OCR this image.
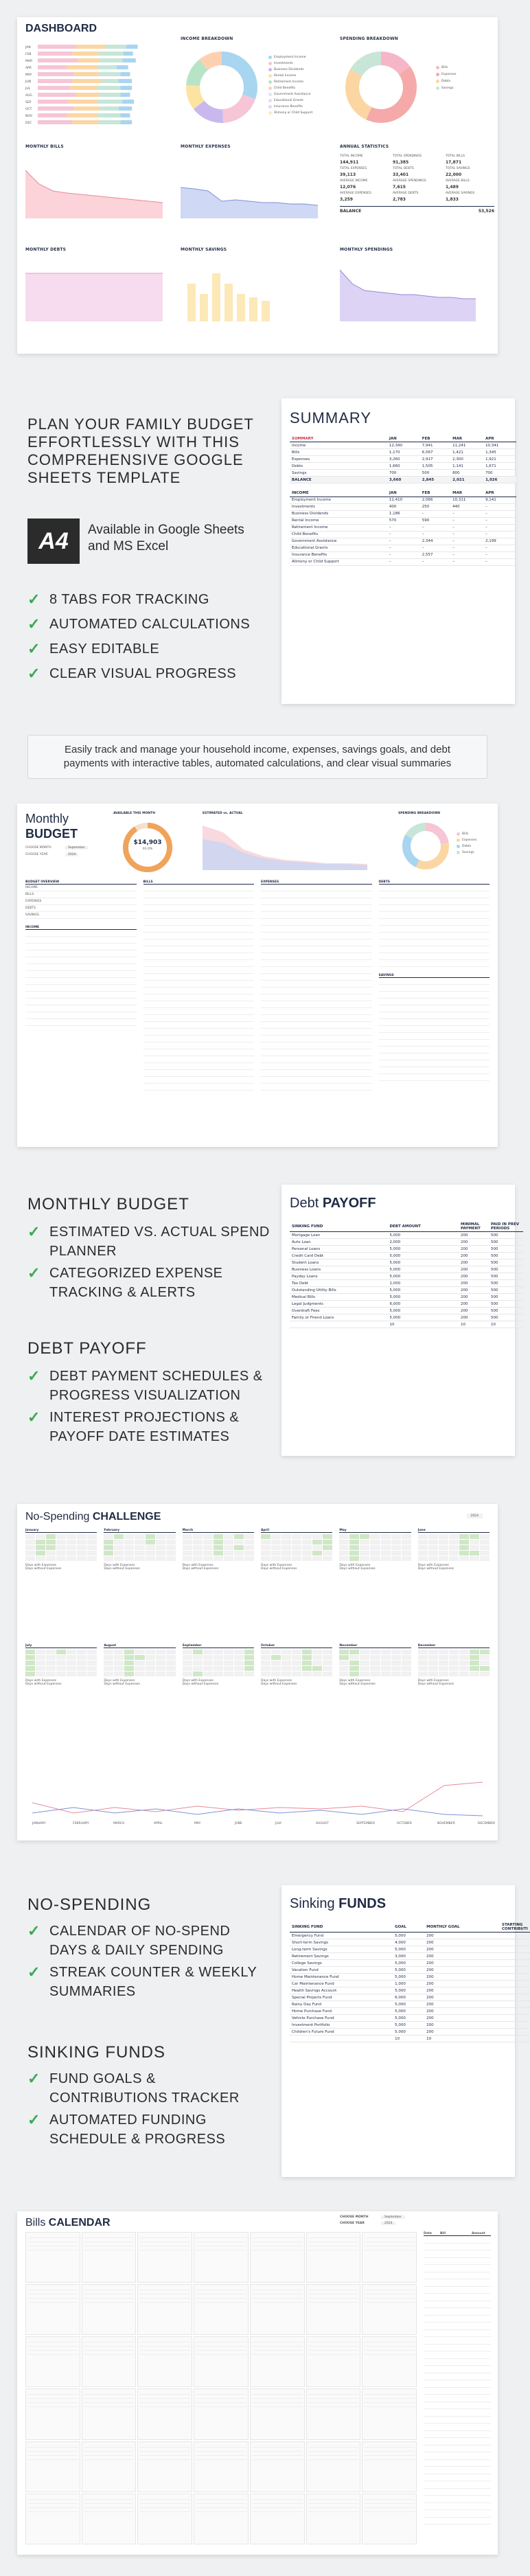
DASHBOARD
JAN
FEB
MAR
APR
MAY
JUN
JUL
AUG
SEP
OCT
NOV
DEC
INCOME BREAKDOWN
Employment Income
Investments
Business Dividends
Rental Income
Retirement Income
Child Benefits
Government Assistance
Educational Grants
Insurance Benefits
Alimony or Child Support
SPENDING BREAKDOWN
Bills
Expenses
Debts
Savings
MONTHLY BILLS	MONTHLY EXPENSES	ANNUAL STATISTICS
TOTAL INCOME	TOTAL SPENDINGS	TOTAL BILLS
144,911	91,385	17,871
TOTAL EXPENSES	TOTAL DEBTS	TOTAL SAVINGS
39,113	33,401	22,000
AVERAGE INCOME	AVERAGE SPENDINGS	AVERAGE BILLS
12,076	7,615	1,489
AVERAGE EXPENSES	AVERAGE DEBTS	AVERAGE SAVINGS
3,259	2,783	1,833
BALANCE	53,526
MONTHLY DEBTS	MONTHLY SAVINGS	MONTHLY SPENDINGS
PLAN YOUR FAMILY BUDGET EFFORTLESSLY WITH THIS COMPREHENSIVE GOOGLE SHEETS TEMPLATE
A4	Available in Google Sheets and MS Excel
✓ 8 TABS FOR TRACKING
✓ AUTOMATED CALCULATIONS
✓ EASY EDITABLE
✓ CLEAR VISUAL PROGRESS
SUMMARY
SUMMARY	JAN	FEB	MAR	APR
Income	12,340	7,941	11,241	10,341
Bills	1,170	6,567	1,421	1,345
Expenses	3,260	2,917	2,300	1,921
Debts	1,660	1,505	1,141	1,671
Savings	700	500	800	700
BALANCE	3,660	2,845	2,021	1,026

INCOME	JAN	FEB	MAR	APR
Employment Income	11,410	2,066	10,311	9,141
Investments	400	250	440	–
Business Dividends	1,186	–	–	–
Rental Income	570	590	–	–
Retirement Income	–	–	–	–
Child Benefits	–	–	–	–
Government Assistance	–	2,344	–	2,199
Educational Grants	–	–	–	–
Insurance Benefits	–	2,557	–	–
Alimony or Child Support	–	–	–	–
Easily track and manage your household income, expenses, savings goals, and debt payments with interactive tables, automated calculations, and clear visual summaries
Monthly
BUDGET
CHOOSE MONTH	September
CHOOSE YEAR	2024
AVAILABLE THIS MONTH
$14,903
91.0%
ESTIMATED vs. ACTUAL	SPENDING BREAKDOWN
Bills
Expenses
Debts
Savings
BUDGET OVERVIEW
INCOME
BILLS
EXPENSES
DEBTS
SAVINGS
INCOME
BILLS	EXPENSES	DEBTS
SAVINGS
MONTHLY BUDGET
✓ ESTIMATED VS. ACTUAL SPEND PLANNER
✓ CATEGORIZED EXPENSE TRACKING & ALERTS
DEBT PAYOFF
✓ DEBT PAYMENT SCHEDULES & PROGRESS VISUALIZATION
✓ INTEREST PROJECTIONS & PAYOFF DATE ESTIMATES
Debt PAYOFF
SINKING FUND	DEBT AMOUNT	MINIMAL PAYMENT	PAID IN PREV PERIODS
Mortgage Loan	5,000	200	500
Auto Loan	2,000	200	500
Personal Loans	5,000	200	500
Credit Card Debt	5,000	200	500
Student Loans	5,000	200	500
Business Loans	5,000	200	500
Payday Loans	5,000	200	500
Tax Debt	1,000	200	500
Outstanding Utility Bills	5,000	200	500
Medical Bills	5,000	200	500
Legal Judgments	6,000	200	500
Overdraft Fees	5,000	200	500
Family or Friend Loans	5,000	200	500
	10	10	10
No-Spending CHALLENGE	2024
January
Days with Expenses
Days without Expenses
February
Days with Expenses
Days without Expenses
March
Days with Expenses
Days without Expenses
April
Days with Expenses
Days without Expenses
May
Days with Expenses
Days without Expenses
June
Days with Expenses
Days without Expenses
July
Days with Expenses
Days without Expenses
August
Days with Expenses
Days without Expenses
September
Days with Expenses
Days without Expenses
October
Days with Expenses
Days without Expenses
November
Days with Expenses
Days without Expenses
December
Days with Expenses
Days without Expenses
JANUARY	FEBRUARY	MARCH	APRIL	MAY	JUNE	JULY	AUGUST	SEPTEMBER	OCTOBER	NOVEMBER	DECEMBER
NO-SPENDING
✓ CALENDAR OF NO-SPEND DAYS & DAILY SPENDING
✓ STREAK COUNTER & WEEKLY SUMMARIES
SINKING FUNDS
✓ FUND GOALS & CONTRIBUTIONS TRACKER
✓ AUTOMATED FUNDING SCHEDULE & PROGRESS
Sinking FUNDS
SINKING FUND	GOAL	MONTHLY GOAL	STARTING CONTRIBUTI
Emergency Fund	5,000	200	
Short-term Savings	4,000	200	
Long-term Savings	5,000	200	
Retirement Savings	3,000	200	
College Savings	5,000	200	
Vacation Fund	5,000	200	
Home Maintenance Fund	5,000	200	
Car Maintenance Fund	1,000	200	
Health Savings Account	5,000	200	
Special Projects Fund	6,000	200	
Rainy Day Fund	5,000	200	
Home Purchase Fund	5,000	200	
Vehicle Purchase Fund	5,000	200	
Investment Portfolio	5,000	200	
Children's Future Fund	5,000	200	
	10	10	
Bills CALENDAR	CHOOSE MONTH	September
CHOOSE YEAR	2024
Date	Bill	Amount
